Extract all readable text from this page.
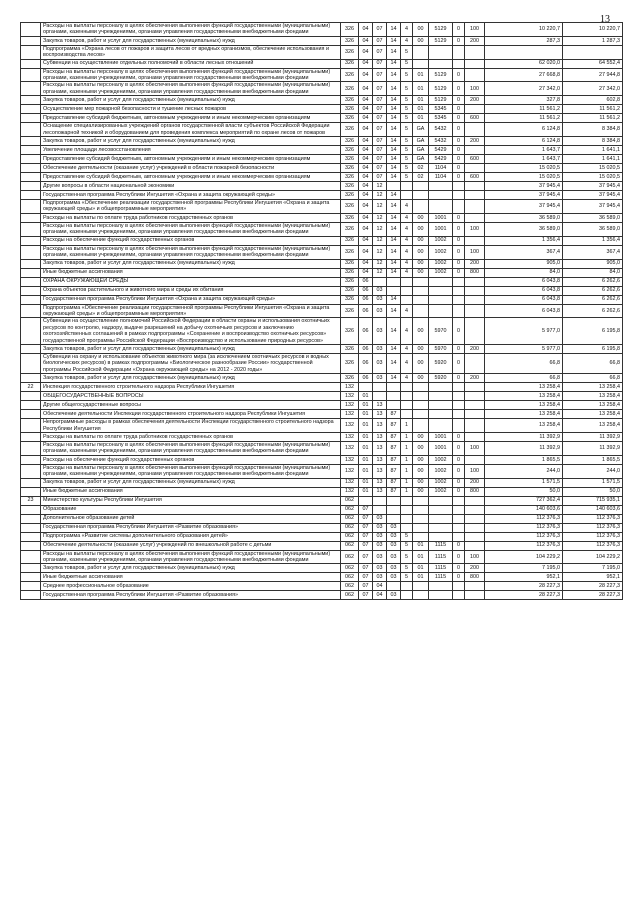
13
	Расходы на выплаты персоналу в целях обеспечения выполнения функций государственными (муниципальными) органами, казенными учреждениями, органами управления государственными внебюджетными фондами	326	04	07	14	4	00	5129	0	100	10 220,7	10 220,7
	Закупка товаров, работ и услуг для государственных (муниципальных) нужд	326	04	07	14	4	00	5129	0	200	287,3	1 287,3
	Подпрограмма «Охрана лесов от пожаров и защита лесов от вредных организмов, обеспечение использования и воспроизводства лесов»	326	04	07	14	5						
	Субвенции на осуществление отдельных полномочий в области лесных отношений	326	04	07	14	5					62 020,0	64 552,4
	Расходы на выплаты персоналу в целях обеспечения выполнения функций государственными (муниципальными) органами, казенными учреждениями, органами управления государственными внебюджетными фондами	326	04	07	14	5	01	5129	0		27 668,8	27 944,8
	Расходы на выплаты персоналу в целях обеспечения выполнения функций государственными (муниципальными) органами, казенными учреждениями, органами управления государственными внебюджетными фондами	326	04	07	14	5	01	5129	0	100	27 342,0	27 342,0
	Закупка товаров, работ и услуг для государственных (муниципальных) нужд	326	04	07	14	5	01	5129	0	200	327,8	602,8
	Осуществление мер пожарной безопасности и тушение лесных пожаров	326	04	07	14	5	01	5345	0		11 561,2	11 561,2
	Предоставление субсидий бюджетным, автономным учреждениям и иным некоммерческим организациям	326	04	07	14	5	01	5345	0	600	11 561,2	11 561,2
	Оснащение специализированных учреждений органов государственной власти субъектов Российской Федерации лесопожарной техникой и оборудованием для проведения комплекса мероприятий по охране лесов от пожаров	326	04	07	14	5	GA	5432	0		6 124,8	8 384,8
	Закупка товаров, работ и услуг для государственных (муниципальных) нужд	326	04	07	14	5	GA	5432	0	200	6 124,8	8 384,8
	Увеличение площади лесовосстановления	326	04	07	14	5	GA	5429	0		1 643,7	1 641,1
	Предоставление субсидий бюджетным, автономным учреждениям и иным некоммерческим организациям	326	04	07	14	5	GA	5429	0	600	1 643,7	1 641,1
	Обеспечение деятельности (оказание услуг) учреждений в области пожарной безопасности	326	04	07	14	5	02	1104	0		15 020,5	15 020,5
	Предоставление субсидий бюджетным, автономным учреждениям и иным некоммерческим организациям	326	04	07	14	5	02	1104	0	600	15 020,5	15 020,5
	Другие вопросы в области национальной экономики	326	04	12							37 945,4	37 945,4
	Государственная программа Республики Ингушетия «Охрана и защита окружающей среды»	326	04	12	14						37 945,4	37 945,4
	Подпрограмма «Обеспечение реализации государственной программы Республики Ингушетия «Охрана и защита окружающей среды» и общепрограммные мероприятия»	326	04	12	14	4					37 945,4	37 945,4
	Расходы на выплаты по оплате труда работников государственных органов	326	04	12	14	4	00	1001	0		36 589,0	36 589,0
	Расходы на выплаты персоналу в целях обеспечения выполнения функций государственными (муниципальными) органами, казенными учреждениями, органами управления государственными внебюджетными фондами	326	04	12	14	4	00	1001	0	100	36 589,0	36 589,0
	Расходы на обеспечение функций государственных органов	326	04	12	14	4	00	1002	0		1 356,4	1 356,4
	Расходы на выплаты персоналу в целях обеспечения выполнения функций государственными (муниципальными) органами, казенными учреждениями, органами управления государственными внебюджетными фондами	326	04	12	14	4	00	1002	0	100	367,4	367,4
	Закупка товаров, работ и услуг для государственных (муниципальных) нужд	326	04	12	14	4	00	1002	0	200	905,0	905,0
	Иные бюджетные ассигнования	326	04	12	14	4	00	1002	0	800	84,0	84,0
	ОХРАНА ОКРУЖАЮЩЕЙ СРЕДЫ	326	06								6 043,8	6 262,6
	Охрана объектов растительного и животного мира и среды их обитания	326	06	03							6 043,8	6 262,6
	Государственная программа Республики Ингушетия «Охрана и защита окружающей среды»	326	06	03	14						6 043,8	6 262,6
	Подпрограмма «Обеспечение реализации государственной программы Республики Ингушетия «Охрана и защита окружающей среды» и общепрограммные мероприятия»	326	06	03	14	4					6 043,8	6 262,6
	Субвенции на осуществление полномочий Российской Федерации в области охраны и использования охотничьих ресурсов по контролю, надзору, выдаче разрешений на добычу охотничьих ресурсов и заключению охотхозяйственных соглашений в рамках подпрограммы «Сохранение и воспроизводство охотничьих ресурсов» государственной программы Российской Федерации «Воспроизводство и использование природных ресурсов»	326	06	03	14	4	00	5970	0		5 977,0	6 195,8
	Закупка товаров, работ и услуг для государственных (муниципальных) нужд	326	06	03	14	4	00	5970	0	200	5 977,0	6 195,8
	Субвенции на охрану и использование объектов животного мира (за исключением охотничьих ресурсов и водных биологических ресурсов) в рамках подпрограммы «Биологическое разнообразие России» государственной программы Российской Федерации «Охрана окружающей среды» на 2012 - 2020 годы»	326	06	03	14	4	00	5920	0		66,8	66,8
	Закупка товаров, работ и услуг для государственных (муниципальных) нужд	326	06	03	14	4	00	5920	0	200	66,8	66,8
22	Инспекция государственного строительного надзора Республики Ингушетия	132									13 258,4	13 258,4
	ОБЩЕГОСУДАРСТВЕННЫЕ ВОПРОСЫ	132	01								13 258,4	13 258,4
	Другие общегосударственные вопросы	132	01	13							13 258,4	13 258,4
	Обеспечение деятельности Инспекции государственного строительного надзора Республики Ингушетия	132	01	13	87						13 258,4	13 258,4
	Непрограммные расходы в рамках обеспечения деятельности Инспекции государственного строительного надзора Республики Ингушетия	132	01	13	87	1					13 258,4	13 258,4
	Расходы на выплаты по оплате труда работников государственных органов	132	01	13	87	1	00	1001	0		11 392,9	11 392,9
	Расходы на выплаты персоналу в целях обеспечения выполнения функций государственными (муниципальными) органами, казенными учреждениями, органами управления государственными внебюджетными фондами	132	01	13	87	1	00	1001	0	100	11 392,9	11 392,9
	Расходы на обеспечение функций государственных органов	132	01	13	87	1	00	1002	0		1 865,5	1 865,5
	Расходы на выплаты персоналу в целях обеспечения выполнения функций государственными (муниципальными) органами, казенными учреждениями, органами управления государственными внебюджетными фондами	132	01	13	87	1	00	1002	0	100	244,0	244,0
	Закупка товаров, работ и услуг для государственных (муниципальных) нужд	132	01	13	87	1	00	1002	0	200	1 571,5	1 571,5
	Иные бюджетные ассигнования	132	01	13	87	1	00	1002	0	800	50,0	50,0
23	Министерство культуры Республики Ингушетия	062									727 362,4	715 935,1
	Образование	062	07								140 603,6	140 603,6
	Дополнительное образование детей	062	07	03							112 376,3	112 376,3
	Государственная программа Республики Ингушетия «Развитие образования»	062	07	03	03						112 376,3	112 376,3
	Подпрограмма «Развитие системы дополнительного образования детей»	062	07	03	03	5					112 376,3	112 376,3
	Обеспечение деятельности (оказание услуг) учреждений по внешкольной работе с детьми	062	07	03	03	5	01	1115	0		112 376,3	112 376,3
	Расходы на выплаты персоналу в целях обеспечения выполнения функций государственными (муниципальными) органами, казенными учреждениями, органами управления государственными внебюджетными фондами	062	07	03	03	5	01	1115	0	100	104 229,2	104 229,2
	Закупка товаров, работ и услуг для государственных (муниципальных) нужд	062	07	03	03	5	01	1115	0	200	7 195,0	7 195,0
	Иные бюджетные ассигнования	062	07	03	03	5	01	1115	0	800	952,1	952,1
	Среднее профессиональное образование	062	07	04							28 227,3	28 227,3
	Государственная программа Республики Ингушетия «Развитие образования»	062	07	04	03						28 227,3	28 227,3
